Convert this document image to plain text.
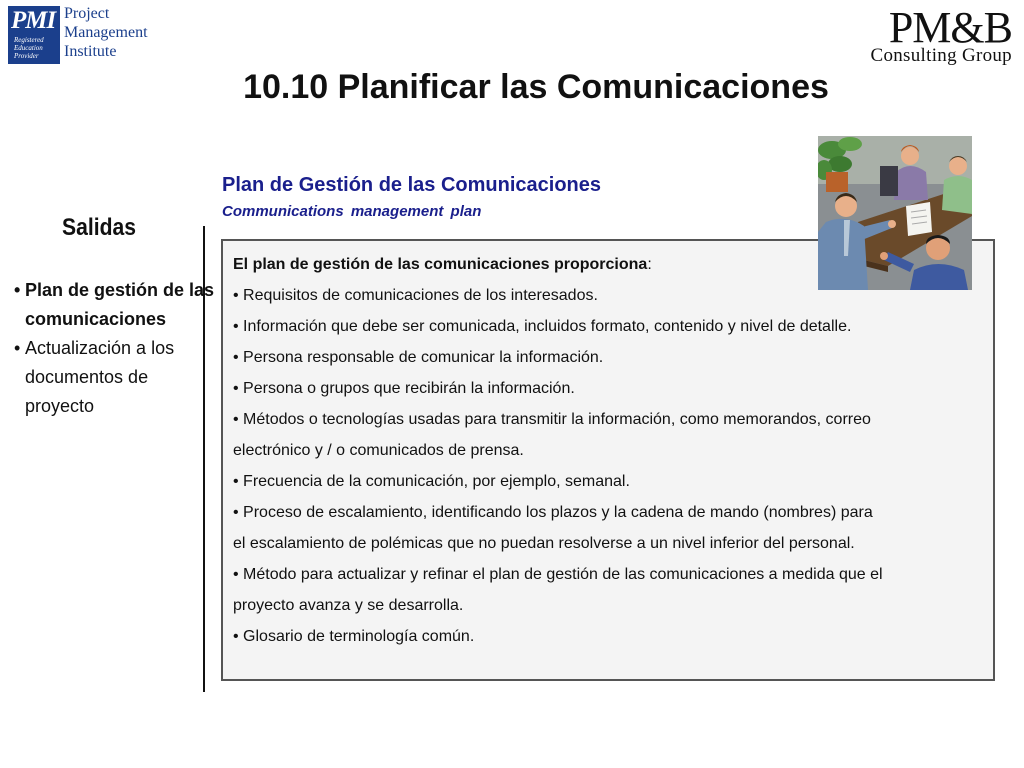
PMI
Registered
Education
Provider
Project
Management
Institute	PM&B
Consulting Group
10.10 Planificar las Comunicaciones
Salidas
• Plan de gestión de las comunicaciones
• Actualización a los documentos de proyecto
Plan de Gestión de las Comunicaciones
Communications management plan
El plan de gestión de las comunicaciones proporciona:
• Requisitos de comunicaciones de los interesados.
• Información que debe ser comunicada, incluidos formato, contenido y nivel de detalle.
• Persona responsable de comunicar la información.
• Persona o grupos que recibirán la información.
• Métodos o tecnologías usadas para transmitir la información, como memorandos, correo
electrónico y / o comunicados de prensa.
• Frecuencia de la comunicación, por ejemplo, semanal.
• Proceso de escalamiento, identificando los plazos y la cadena de mando (nombres) para
el escalamiento de polémicas que no puedan resolverse a un nivel inferior del personal.
• Método para actualizar y refinar el plan de gestión de las comunicaciones a medida que el
proyecto avanza y se desarrolla.
• Glosario de terminología común.
